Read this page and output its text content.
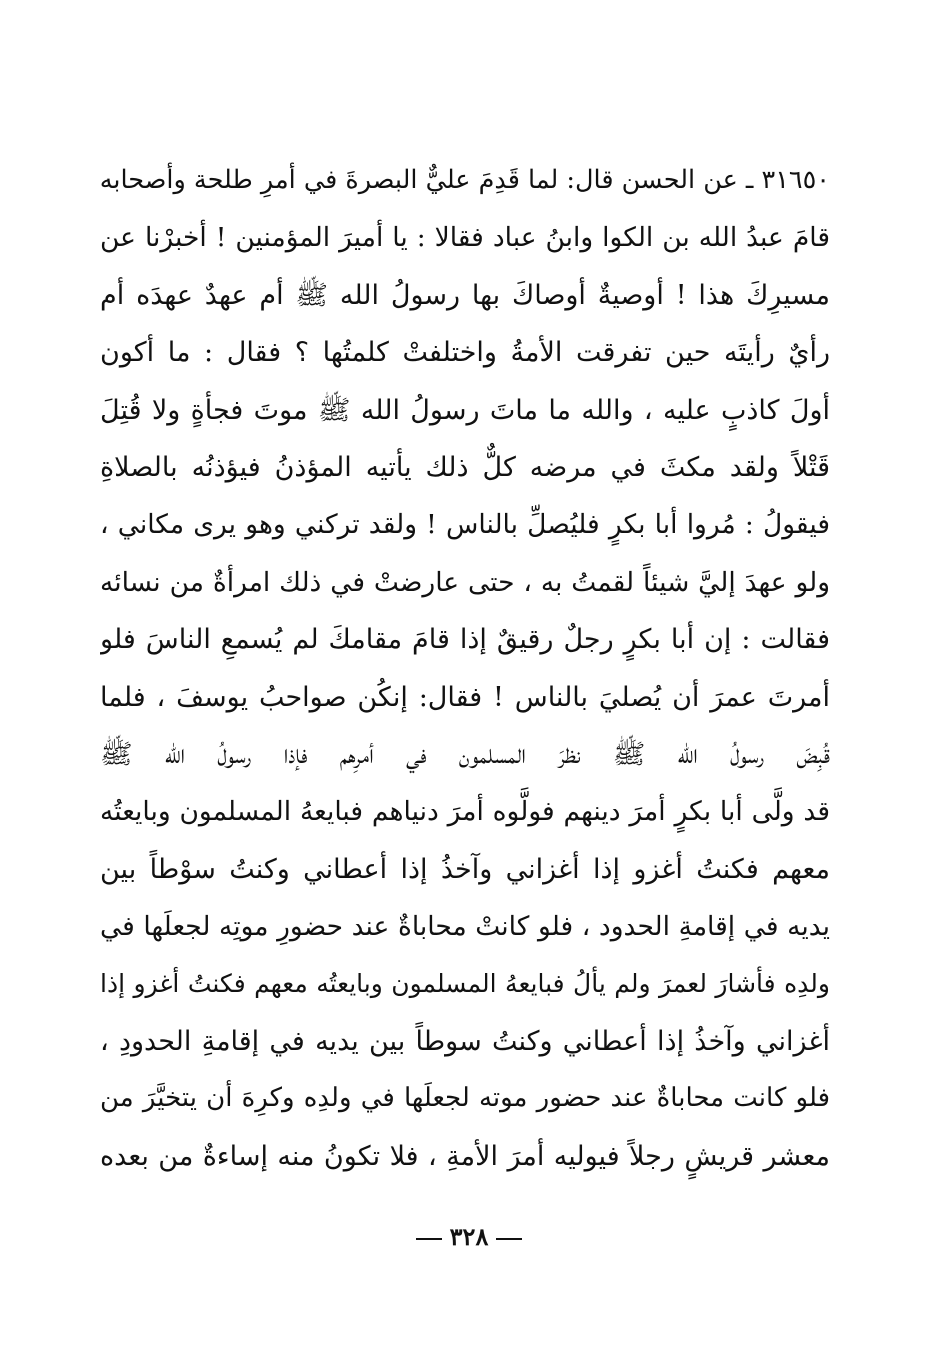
٣١٦٥٠ ـ عن الحسن قال: لما قَدِمَ عليٌّ البصرةَ في أمرِ طلحة وأصحابه
قامَ عبدُ الله بن الكوا وابنُ عباد فقالا : يا أميرَ المؤمنين ! أخبرْنا عن
مسيرِكَ هذا ! أوصيةٌ أوصاكَ بها رسولُ الله ﷺ أم عهدٌ عهدَه أم
رأيٌ رأيتَه حين تفرقت الأمةُ واختلفتْ كلمتُها ؟ فقال : ما أكون
أولَ كاذبٍ عليه ، والله ما ماتَ رسولُ الله ﷺ موتَ فجأةٍ ولا قُتِلَ
قَتْلاً ولقد مكثَ في مرضه كلٌّ ذلك يأتيه المؤذنُ فيؤذنُه بالصلاةِ
فيقولُ : مُروا أبا بكرٍ فليُصلِّ بالناس ! ولقد تركني وهو يرى مكاني ،
ولو عهدَ إليَّ شيئاً لقمتُ به ، حتى عارضتْ في ذلك امرأةٌ من نسائه
فقالت : إن أبا بكرٍ رجلٌ رقيقٌ إذا قامَ مقامكَ لم يُسمعِ الناسَ فلو
أمرتَ عمرَ أن يُصليَ بالناس ! فقال: إنكُن صواحبُ يوسفَ ، فلما
قُبِضَ رسولُ الله ﷺ نظرَ المسلمون في أمرِهم فإذا رسولُ الله ﷺ
قد ولَّى أبا بكرٍ أمرَ دينهم فولَّوه أمرَ دنياهم فبايعهُ المسلمون وبايعتُه
معهم فكنتُ أغزو إذا أغزاني وآخذُ إذا أعطاني وكنتُ سوْطاً بين
يديه في إقامةِ الحدود ، فلو كانتْ محاباةٌ عند حضورِ موتِه لجعلَها في
ولدِه فأشارَ لعمرَ ولم يألُ فبايعهُ المسلمون وبايعتُه معهم فكنتُ أغزو إذا
أغزاني وآخذُ إذا أعطاني وكنتُ سوطاً بين يديه في إقامةِ الحدودِ ،
فلو كانت محاباةٌ عند حضور موته لجعلَها في ولدِه وكرِهَ أن يتخيَّرَ من
معشر قريشٍ رجلاً فيوليه أمرَ الأمةِ ، فلا تكونُ منه إساءةٌ من بعده
٣٢٨
